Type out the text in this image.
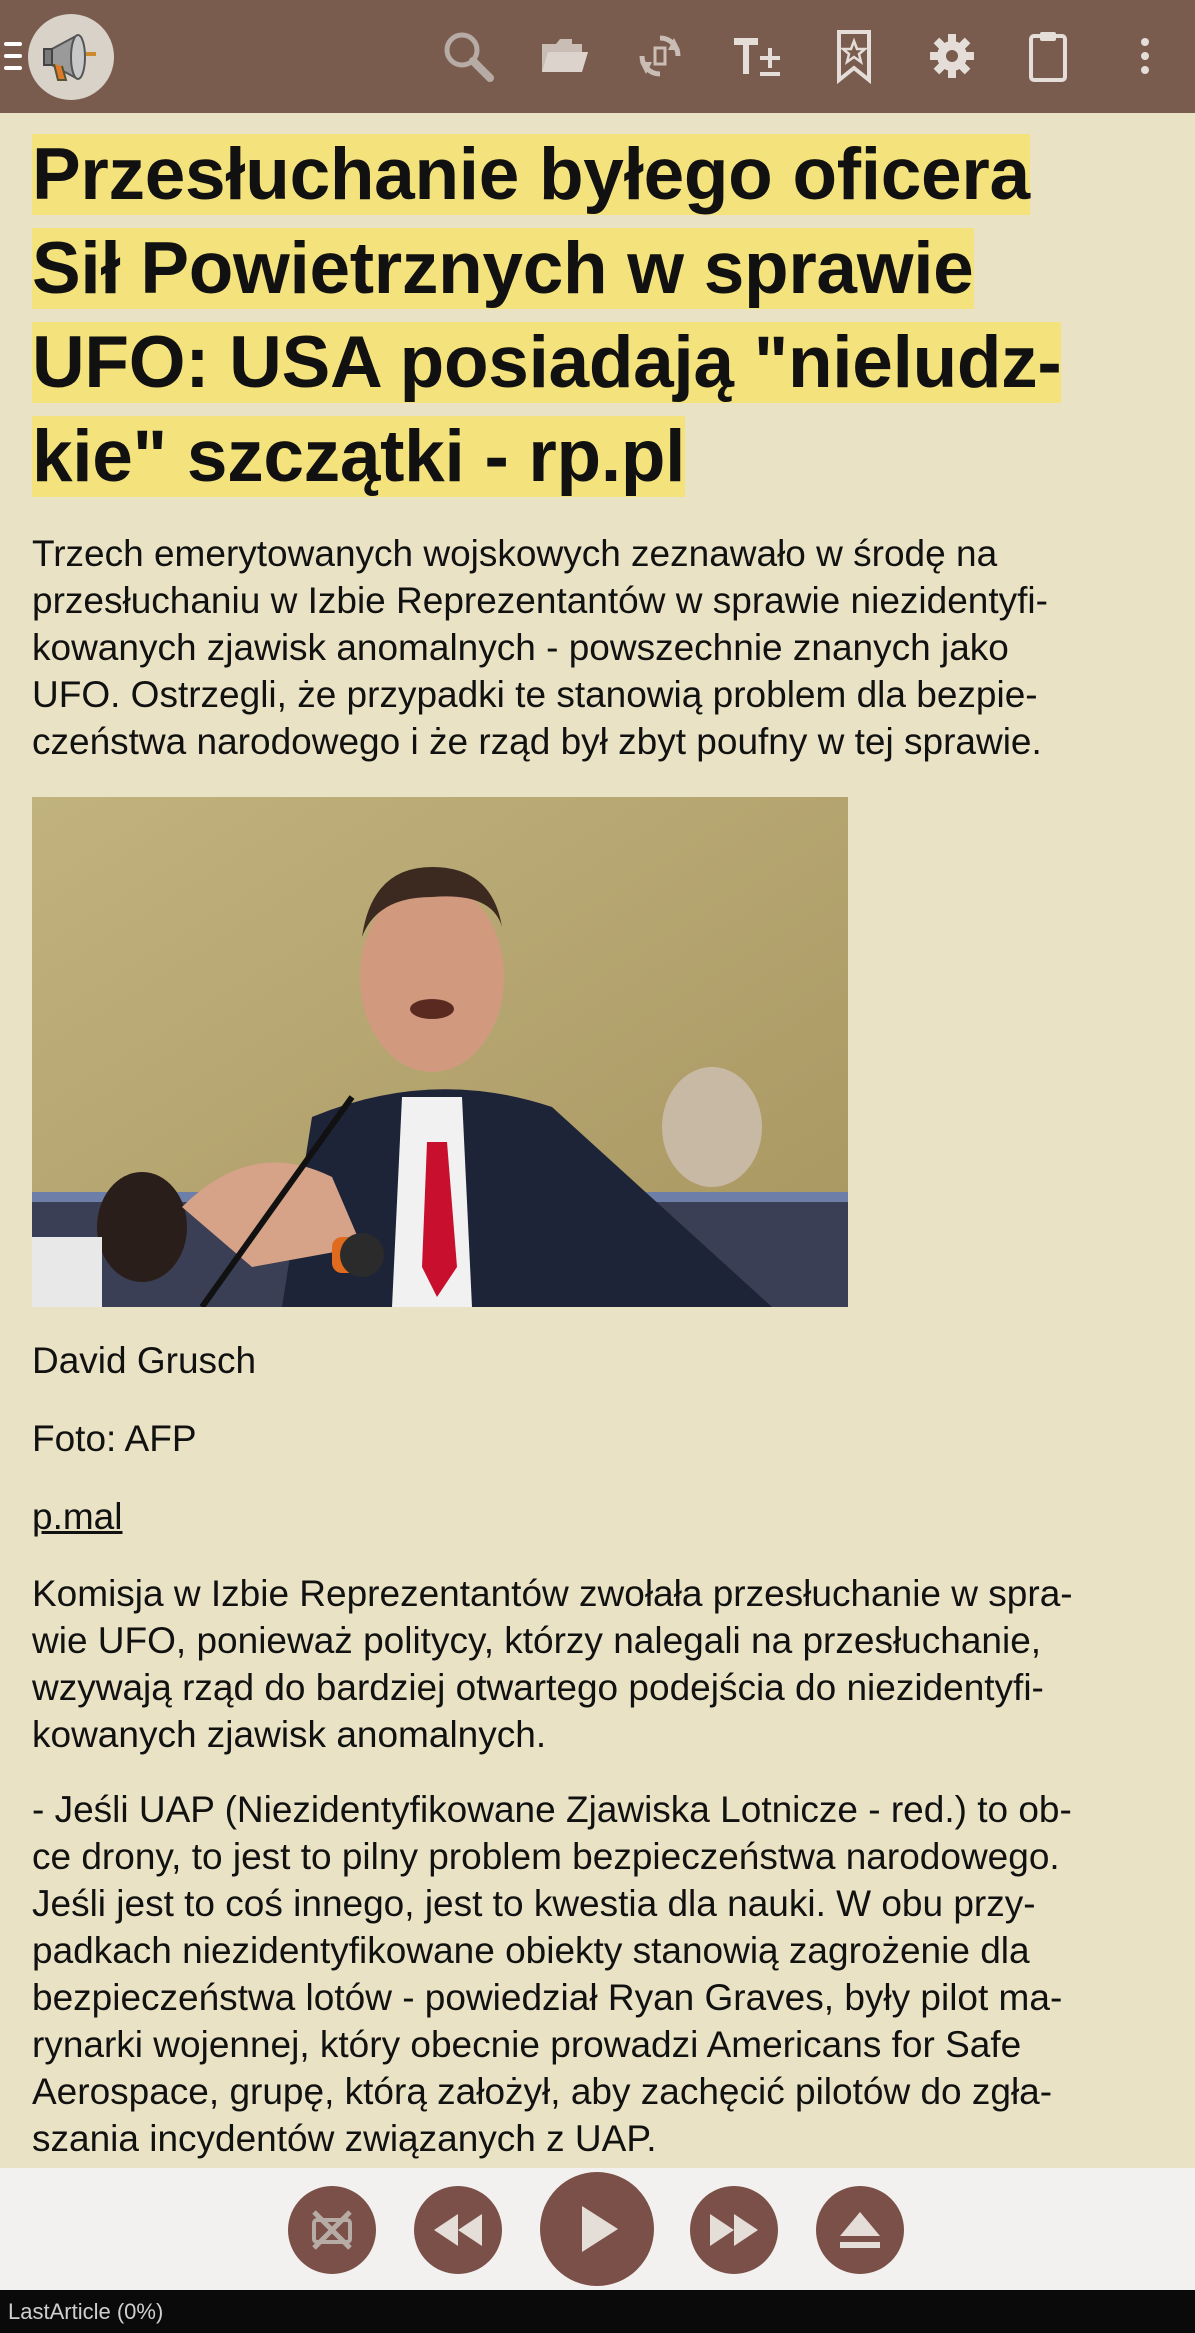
Przesłuchanie byłego oficera
Sił Powietrznych w sprawie
UFO: USA posiadają "nieludz-
kie" szczątki - rp.pl

Trzech emerytowanych wojskowych zeznawało w środę na
przesłuchaniu w Izbie Reprezentantów w sprawie niezidentyfi-
kowanych zjawisk anomalnych - powszechnie znanych jako
UFO. Ostrzegli, że przypadki te stanowią problem dla bezpie-
czeństwa narodowego i że rząd był zbyt poufny w tej sprawie.

David Grusch

Foto: AFP

p.mal

Komisja w Izbie Reprezentantów zwołała przesłuchanie w spra-
wie UFO, ponieważ politycy, którzy nalegali na przesłuchanie,
wzywają rząd do bardziej otwartego podejścia do niezidentyfi-
kowanych zjawisk anomalnych.

- Jeśli UAP (Niezidentyfikowane Zjawiska Lotnicze - red.) to ob-
ce drony, to jest to pilny problem bezpieczeństwa narodowego.
Jeśli jest to coś innego, jest to kwestia dla nauki. W obu przy-
padkach niezidentyfikowane obiekty stanowią zagrożenie dla
bezpieczeństwa lotów - powiedział Ryan Graves, były pilot ma-
rynarki wojennej, który obecnie prowadzi Americans for Safe
Aerospace, grupę, którą założył, aby zachęcić pilotów do zgła-
szania incydentów związanych z UAP.

LastArticle (0%)
